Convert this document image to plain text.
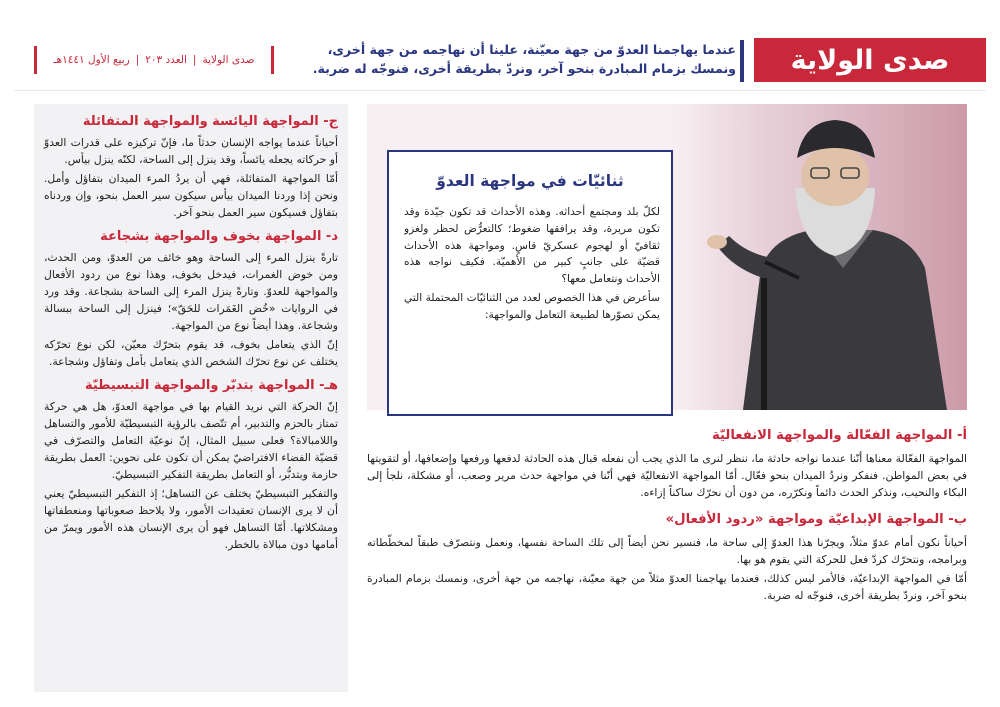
صدى الولاية
عندما يهاجمنا العدوّ من جهة معيّنة، علينا أن نهاجمه من جهة أخرى،
ونمسك بزمام المبادرة بنحو آخر، ونردّ بطريقة أخرى، فنوجّه له ضربة.
صدى الولاية
|
العدد ٢٠٣
|
ربيع الأول ١٤٤١هـ
ج- المواجهة اليائسة والمواجهة المتفائلة

أحياناً عندما يواجه الإنسان حدثاً ما، فإنّ تركيزه على قدرات العدوّ أو حركاته يجعله يائساً، وقد ينزل إلى الساحة، لكنّه ينزل بيأس.

أمّا المواجهة المتفائلة، فهي أن يردُ المرء الميدان بتفاؤل وأمل. ونحن إذا وردنا الميدان بيأس سيكون سير العمل بنحو، وإن وردناه بتفاؤل فسيكون سير العمل بنحو آخر.

د- المواجهة بخوف والمواجهة بشجاعة

تارةً ينزل المرء إلى الساحة وهو خائف من العدوّ، ومن الحدث، ومن خوض الغمرات، فيدخل بخوف، وهذا نوع من ردود الأفعال والمواجهة للعدوّ. وتارةً ينزل المرء إلى الساحة بشجاعة. وقد ورد في الروايات «خُض الغَمَرات للحَقّ»؛ فينزل إلى الساحة ببسالة وشجاعة. وهذا أيضاً نوع من المواجهة.

إنّ الذي يتعامل بخوف، قد يقوم بتحرّك معيّن، لكن نوع تحرّكه يختلف عن نوع تحرّك الشخص الذي يتعامل بأمل وتفاؤل وشجاعة.

هـ- المواجهة بتدبّر والمواجهة التبسيطيّة

إنّ الحركة التي نريد القيام بها في مواجهة العدوّ، هل هي حركة تمتاز بالحزم والتدبير، أم تتّصف بالرؤية التبسيطيّة للأمور والتساهل واللامبالاة؟ فعلى سبيل المثال، إنّ نوعيّة التعامل والتصرّف في قضيّة الفضاء الافتراضيّ يمكن أن تكون على نحوين: العمل بطريقة حازمة وبتدبُّر، أو التعامل بطريقة التفكير التبسيطيّ.

والتفكير التبسيطيّ يختلف عن التساهل؛ إذ التفكير التبسيطيّ يعني أن لا يرى الإنسان تعقيدات الأمور، ولا يلاحظ صعوباتها ومنعطفاتها ومشكلاتها. أمّا التساهل فهو أن يرى الإنسان هذه الأمور ويمرّ من أمامها دون مبالاة بالخطر.

ثنائيّات في مواجهة العدوّ

لكلّ بلد ومجتمع أحداثه. وهذه الأحداث قد تكون جيّدة وقد تكون مريرة، وقد يرافقها ضغوط؛ كالتعرُّض لحظر ولغزو ثقافيّ أو لهجوم عسكريّ قاسٍ. ومواجهة هذه الأحداث قضيّة على جانبٍ كبير من الأهميّة. فكيف نواجه هذه الأحداث ونتعامل معها؟

سأعرض في هذا الخصوص لعدد من الثنائيّات المحتملة التي يمكن تصوّرها لطبيعة التعامل والمواجهة:

أ- المواجهة الفعّالة والمواجهة الانفعاليّة

المواجهة الفعّالة معناها أنّنا عندما نواجه حادثة ما، ننظر لنرى ما الذي يجب أن نفعله قبال هذه الحادثة لدفعها ورفعها وإضعافها، أو لتقويتها في بعض المواطن. فنفكر ونردُ الميدان بنحو فعّال. أمّا المواجهة الانفعاليّة فهي أنّنا في مواجهة حدث مرير وصعب، أو مشكلة، نلجأ إلى البكاء والنحيب، ونذكر الحدث دائماً ونكرّره، من دون أن نحرّك ساكناً إزاءه.

ب- المواجهة الإبداعيّة ومواجهة «ردود الأفعال»

أحياناً نكون أمام عدوّ مثلاً، ويجرّنا هذا العدوّ إلى ساحة ما، فنسير نحن أيضاً إلى تلك الساحة نفسها، ونعمل ونتصرّف طبقاً لمخطّطاته وبرامجه، ونتحرّك كردّ فعل للحركة التي يقوم هو بها.

أمّا في المواجهة الإبداعيّة، فالأمر ليس كذلك، فعندما يهاجمنا العدوّ مثلاً من جهة معيّنة، نهاجمه من جهة أخرى، ونمسك بزمام المبادرة بنحو آخر، ونردّ بطريقة أخرى، فنوجّه له ضربة.
